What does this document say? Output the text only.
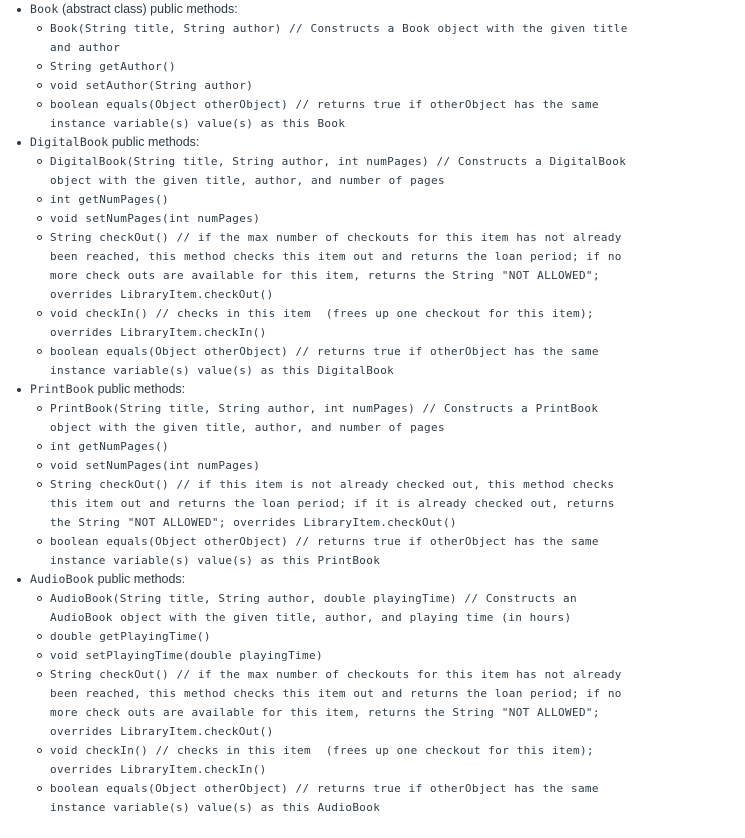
Book (abstract class) public methods:
Book(String title, String author) // Constructs a Book object with the given title
and author
String getAuthor()
void setAuthor(String author)
boolean equals(Object otherObject) // returns true if otherObject has the same
instance variable(s) value(s) as this Book
DigitalBook public methods:
DigitalBook(String title, String author, int numPages) // Constructs a DigitalBook
object with the given title, author, and number of pages
int getNumPages()
void setNumPages(int numPages)
String checkOut() // if the max number of checkouts for this item has not already
been reached, this method checks this item out and returns the loan period; if no
more check outs are available for this item, returns the String "NOT ALLOWED";
overrides LibraryItem.checkOut()
void checkIn() // checks in this item  (frees up one checkout for this item);
overrides LibraryItem.checkIn()
boolean equals(Object otherObject) // returns true if otherObject has the same
instance variable(s) value(s) as this DigitalBook
PrintBook public methods:
PrintBook(String title, String author, int numPages) // Constructs a PrintBook
object with the given title, author, and number of pages
int getNumPages()
void setNumPages(int numPages)
String checkOut() // if this item is not already checked out, this method checks
this item out and returns the loan period; if it is already checked out, returns
the String "NOT ALLOWED"; overrides LibraryItem.checkOut()
boolean equals(Object otherObject) // returns true if otherObject has the same
instance variable(s) value(s) as this PrintBook
AudioBook public methods:
AudioBook(String title, String author, double playingTime) // Constructs an
AudioBook object with the given title, author, and playing time (in hours)
double getPlayingTime()
void setPlayingTime(double playingTime)
String checkOut() // if the max number of checkouts for this item has not already
been reached, this method checks this item out and returns the loan period; if no
more check outs are available for this item, returns the String "NOT ALLOWED";
overrides LibraryItem.checkOut()
void checkIn() // checks in this item  (frees up one checkout for this item);
overrides LibraryItem.checkIn()
boolean equals(Object otherObject) // returns true if otherObject has the same
instance variable(s) value(s) as this AudioBook
